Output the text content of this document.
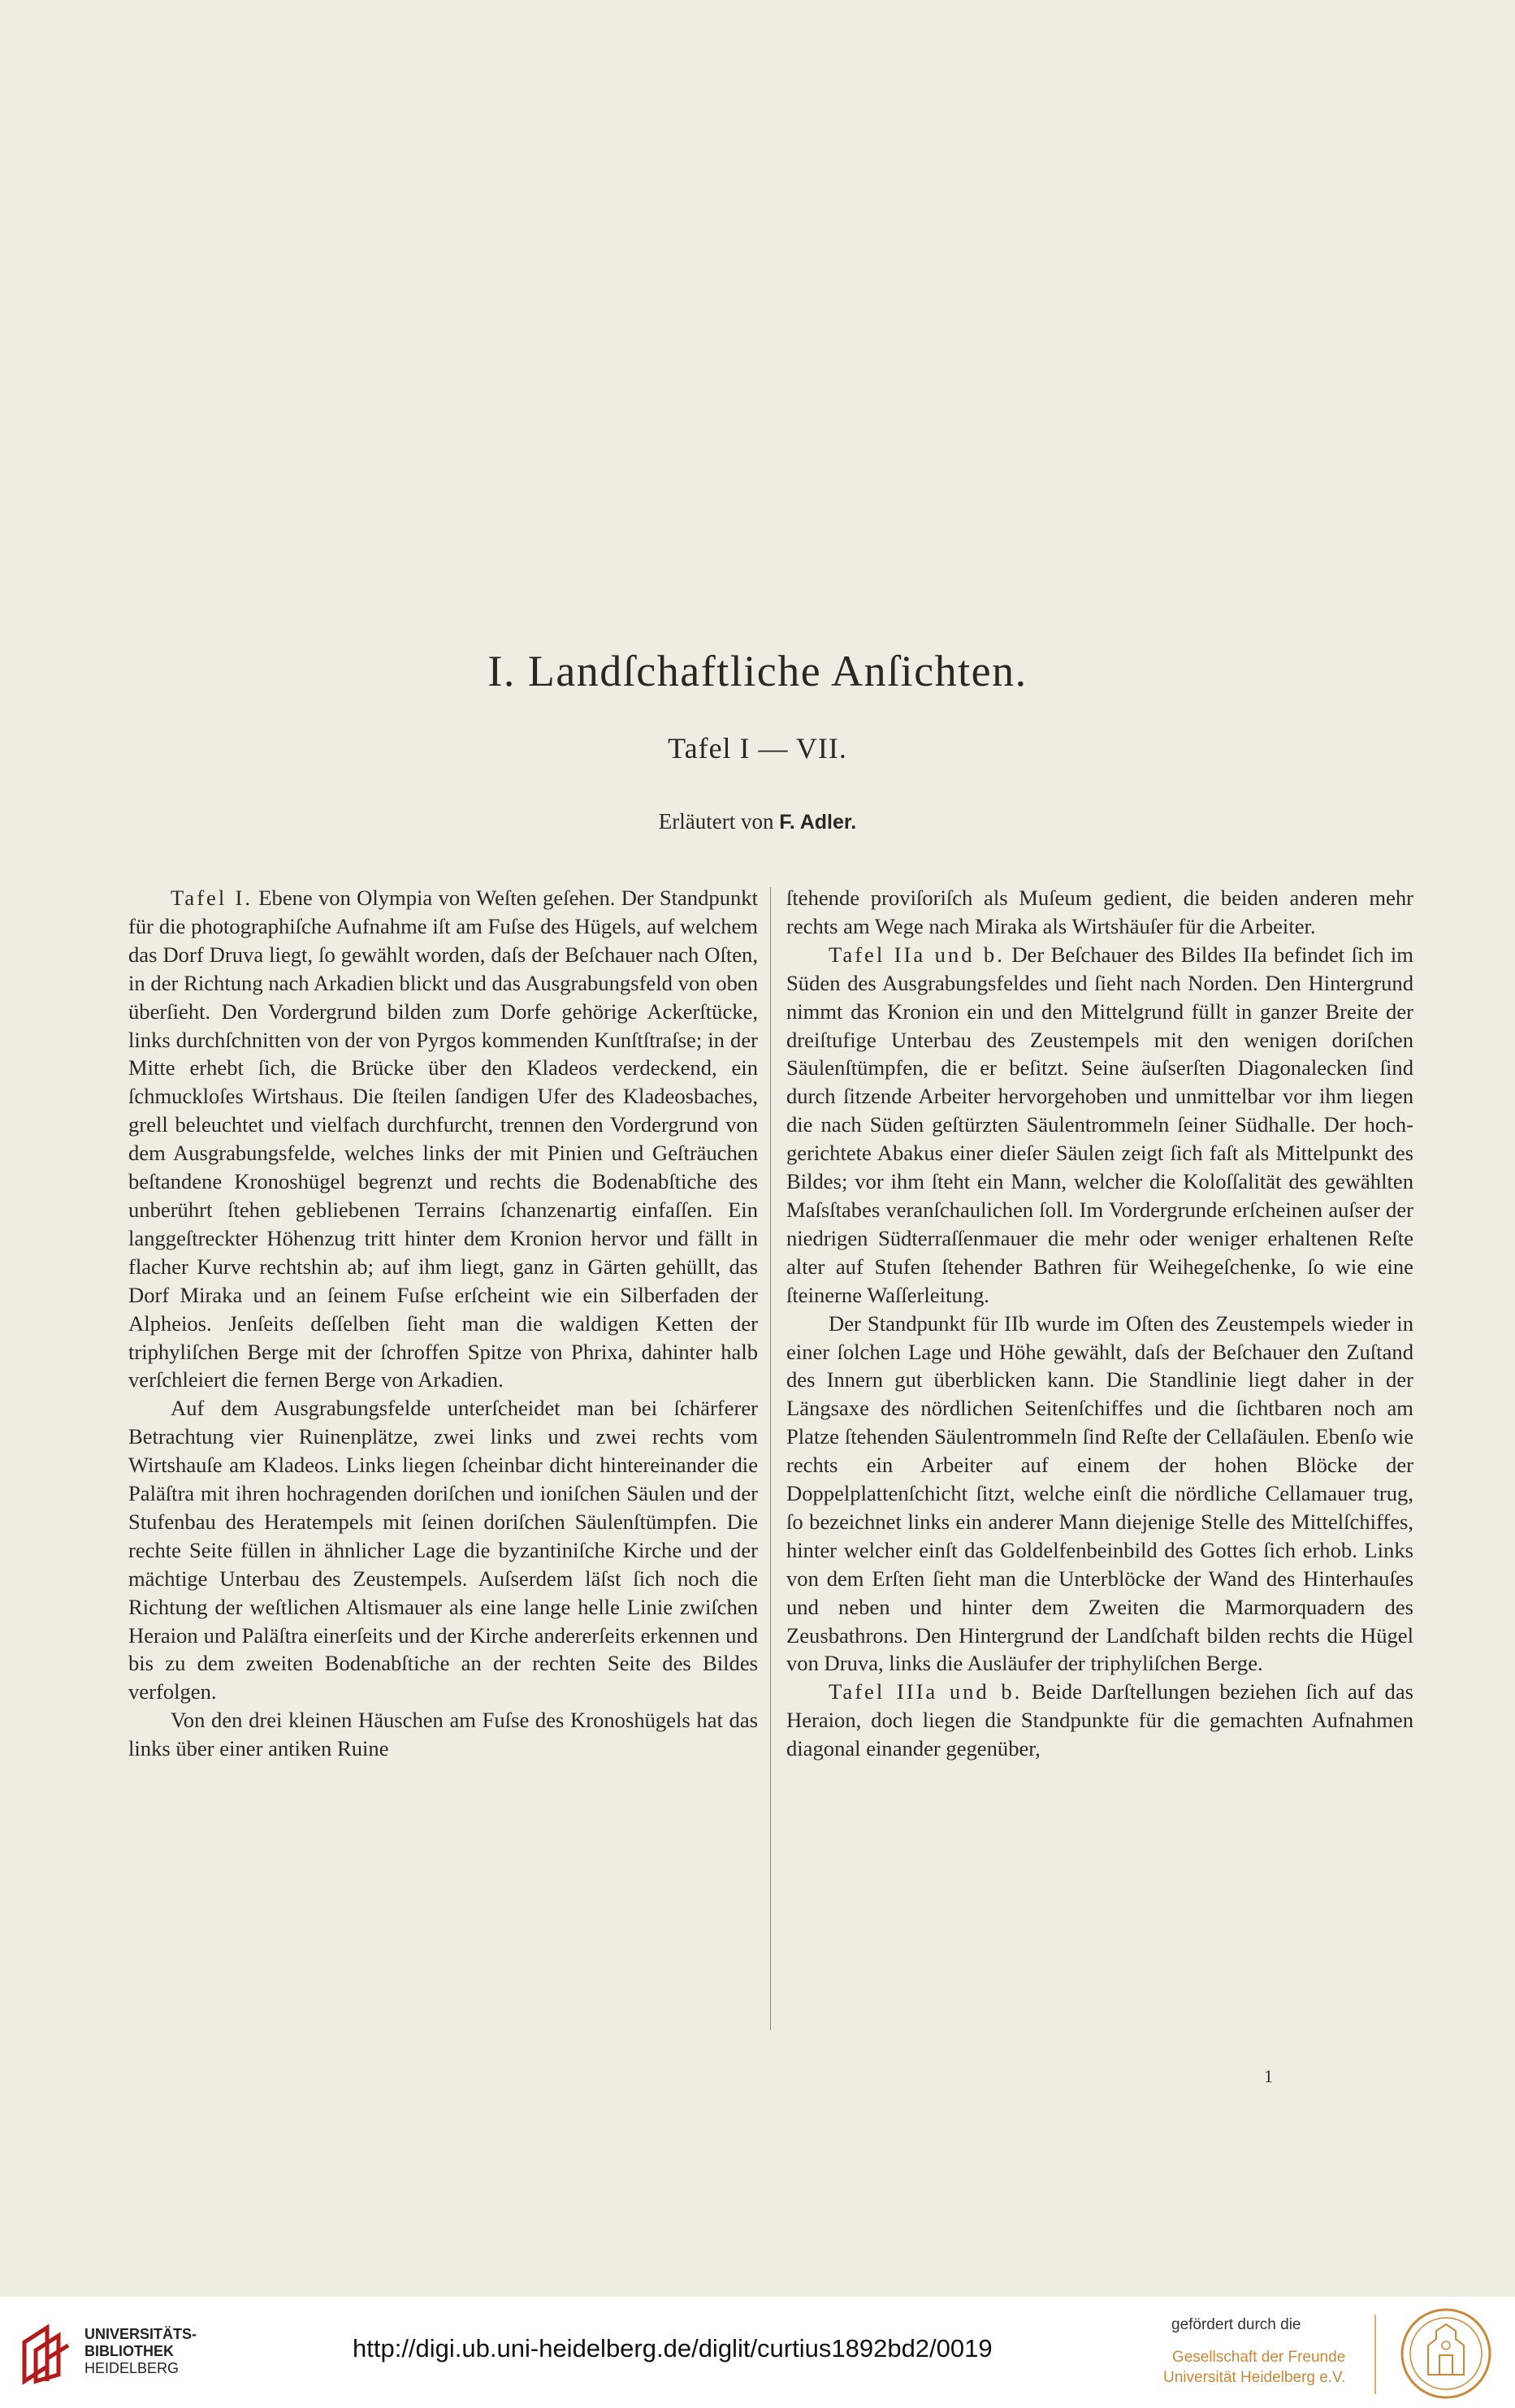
I. Landſchaftliche Anſichten.
Tafel I — VII.
Erläutert von F. Adler.

Tafel I. Ebene von Olympia von Weſten geſehen. Der Standpunkt für die photographiſche Aufnahme iſt am Fuſse des Hügels, auf welchem das Dorf Druva liegt, ſo gewählt worden, daſs der Beſchauer nach Oſten, in der Richtung nach Arkadien blickt und das Ausgrabungsfeld von oben überſieht. Den Vordergrund bilden zum Dorfe gehörige Ackerſtücke, links durchſchnitten von der von Pyrgos kommenden Kunſtſtraſse; in der Mitte erhebt ſich, die Brücke über den Kladeos verdeckend, ein ſchmuckloſes Wirtshaus. Die ſteilen ſandigen Ufer des Kladeosbaches, grell beleuchtet und vielfach durchfurcht, trennen den Vordergrund von dem Ausgrabungsfelde, welches links der mit Pinien und Geſträuchen beſtandene Kronoshügel begrenzt und rechts die Bodenabſtiche des unberührt ſtehen gebliebenen Terrains ſchanzenartig einfaſſen. Ein langgeſtreckter Höhenzug tritt hinter dem Kronion hervor und fällt in flacher Kurve rechtshin ab; auf ihm liegt, ganz in Gärten gehüllt, das Dorf Miraka und an ſeinem Fuſse erſcheint wie ein Silberfaden der Alpheios. Jenſeits deſſelben ſieht man die waldigen Ketten der triphyliſchen Berge mit der ſchroffen Spitze von Phrixa, dahinter halb verſchleiert die fernen Berge von Arkadien.

Auf dem Ausgrabungsfelde unterſcheidet man bei ſchärferer Betrachtung vier Ruinenplätze, zwei links und zwei rechts vom Wirtshauſe am Kladeos. Links liegen ſcheinbar dicht hintereinander die Paläſtra mit ihren hochragenden doriſchen und ioniſchen Säulen und der Stufenbau des Heratempels mit ſeinen doriſchen Säulenſtümpfen. Die rechte Seite füllen in ähnlicher Lage die byzantiniſche Kirche und der mächtige Unterbau des Zeustempels. Auſserdem läſst ſich noch die Richtung der weſtlichen Altismauer als eine lange helle Linie zwiſchen Heraion und Paläſtra einerſeits und der Kirche andererſeits erkennen und bis zu dem zweiten Bodenabſtiche an der rechten Seite des Bildes verfolgen.

Von den drei kleinen Häuschen am Fuſse des Kronoshügels hat das links über einer antiken Ruine

ſtehende proviſoriſch als Muſeum gedient, die beiden anderen mehr rechts am Wege nach Miraka als Wirtshäuſer für die Arbeiter.

Tafel IIa und b. Der Beſchauer des Bildes IIa befindet ſich im Süden des Ausgrabungsfeldes und ſieht nach Norden. Den Hintergrund nimmt das Kronion ein und den Mittelgrund füllt in ganzer Breite der dreiſtufige Unterbau des Zeustempels mit den wenigen doriſchen Säulenſtümpfen, die er beſitzt. Seine äuſserſten Diagonalecken ſind durch ſitzende Arbeiter hervorgehoben und unmittelbar vor ihm liegen die nach Süden geſtürzten Säulentrommeln ſeiner Südhalle. Der hochgerichtete Abakus einer dieſer Säulen zeigt ſich faſt als Mittelpunkt des Bildes; vor ihm ſteht ein Mann, welcher die Koloſſalität des gewählten Maſsſtabes veranſchaulichen ſoll. Im Vordergrunde erſcheinen auſser der niedrigen Südterraſſenmauer die mehr oder weniger erhaltenen Reſte alter auf Stufen ſtehender Bathren für Weihegeſchenke, ſo wie eine ſteinerne Waſſerleitung.

Der Standpunkt für IIb wurde im Oſten des Zeustempels wieder in einer ſolchen Lage und Höhe gewählt, daſs der Beſchauer den Zuſtand des Innern gut überblicken kann. Die Standlinie liegt daher in der Längsaxe des nördlichen Seitenſchiffes und die ſichtbaren noch am Platze ſtehenden Säulentrommeln ſind Reſte der Cellaſäulen. Ebenſo wie rechts ein Arbeiter auf einem der hohen Blöcke der Doppelplattenſchicht ſitzt, welche einſt die nördliche Cellamauer trug, ſo bezeichnet links ein anderer Mann diejenige Stelle des Mittelſchiffes, hinter welcher einſt das Goldelfenbeinbild des Gottes ſich erhob. Links von dem Erſten ſieht man die Unterblöcke der Wand des Hinterhauſes und neben und hinter dem Zweiten die Marmorquadern des Zeusbathrons. Den Hintergrund der Landſchaft bilden rechts die Hügel von Druva, links die Ausläufer der triphyliſchen Berge.

Tafel IIIa und b. Beide Darſtellungen beziehen ſich auf das Heraion, doch liegen die Standpunkte für die gemachten Aufnahmen diagonal einander gegenüber,

1
UNIVERSITÄTS-
BIBLIOTHEK
HEIDELBERG
http://digi.ub.uni-heidelberg.de/diglit/curtius1892bd2/0019
gefördert durch die
Gesellschaft der Freunde
Universität Heidelberg e.V.
